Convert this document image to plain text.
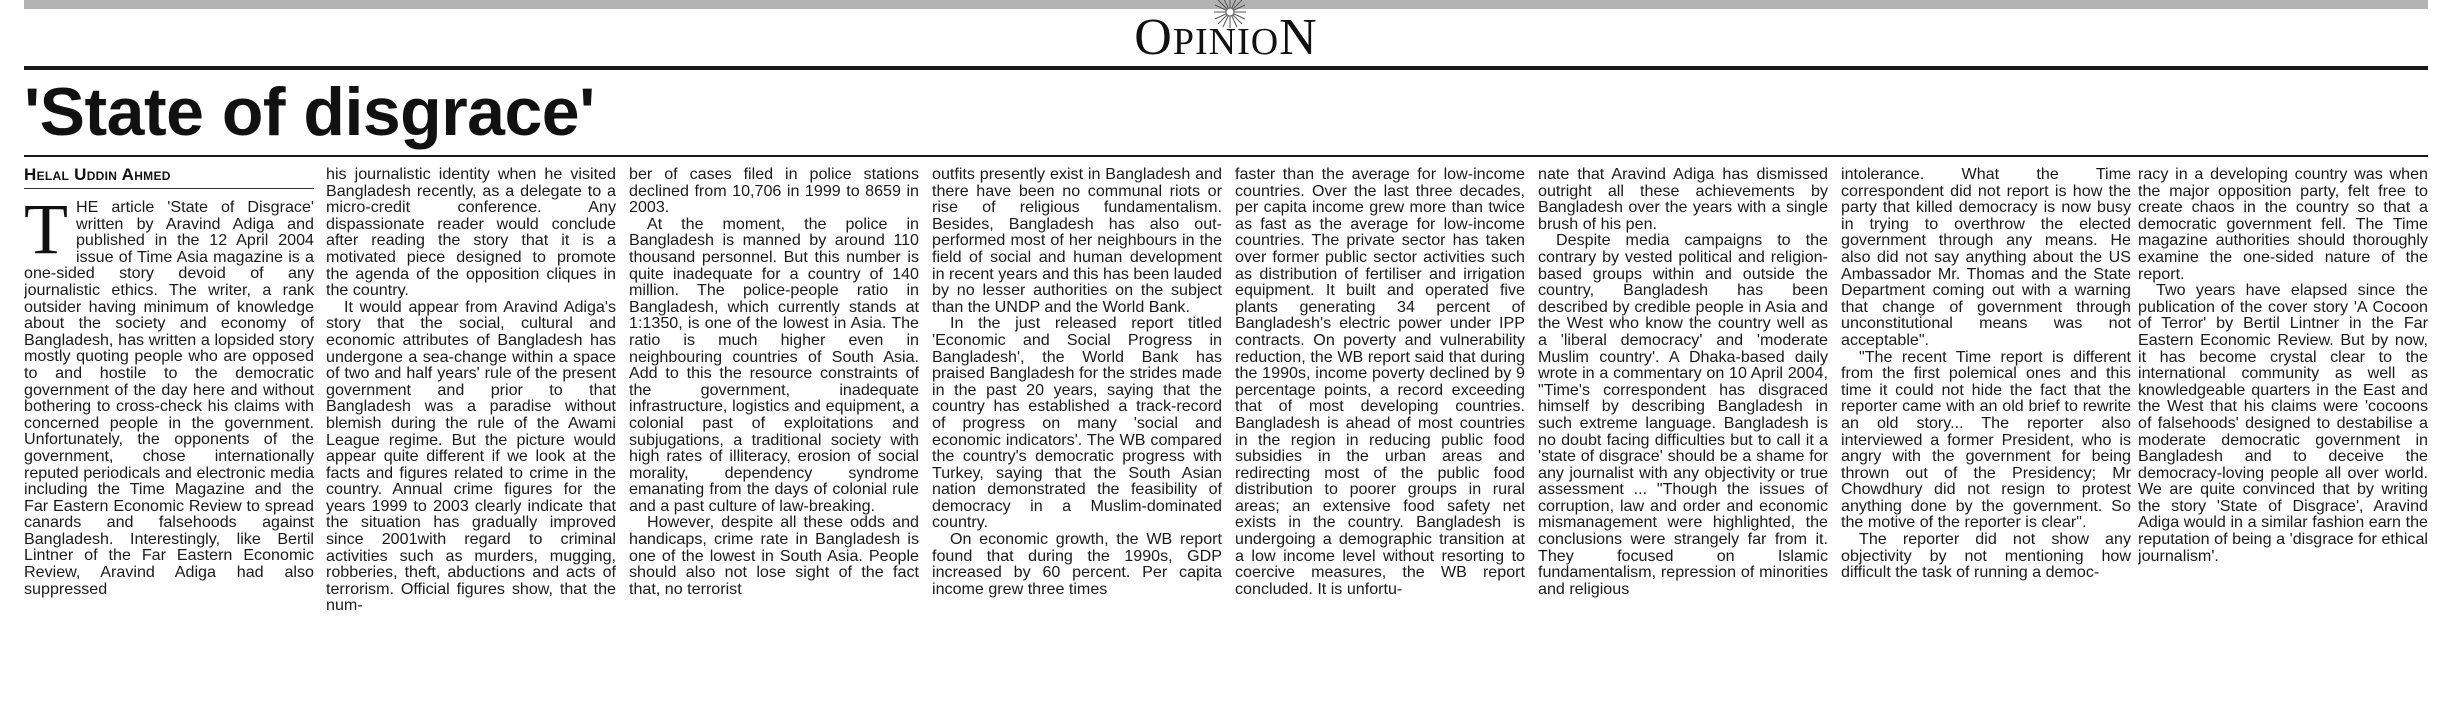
OPINION
'State of disgrace'
Helal Uddin Ahmed
T HE article 'State of Disgrace' written by Aravind Adiga and published in the 12 April 2004 issue of Time Asia magazine is a one-sided story devoid of any journalistic ethics. The writer, a rank outsider having minimum of knowledge about the society and economy of Bangladesh, has written a lopsided story mostly quoting people who are opposed to and hostile to the democratic government of the day here and without bothering to cross-check his claims with concerned people in the government. Unfortunately, the opponents of the government, chose internationally reputed periodicals and electronic media including the Time Magazine and the Far Eastern Economic Review to spread canards and falsehoods against Bangladesh. Interestingly, like Bertil Lintner of the Far Eastern Economic Review, Aravind Adiga had also suppressed

his journalistic identity when he visited Bangladesh recently, as a delegate to a micro-credit conference. Any dispassionate reader would conclude after reading the story that it is a motivated piece designed to promote the agenda of the opposition cliques in the country.

It would appear from Aravind Adiga's story that the social, cultural and economic attributes of Bangladesh has undergone a sea-change within a space of two and half years' rule of the present government and prior to that Bangladesh was a paradise without blemish during the rule of the Awami League regime. But the picture would appear quite different if we look at the facts and figures related to crime in the country. Annual crime figures for the years 1999 to 2003 clearly indicate that the situation has gradually improved since 2001with regard to criminal activities such as murders, mugging, robberies, theft, abductions and acts of terrorism. Official figures show, that the num-

ber of cases filed in police stations declined from 10,706 in 1999 to 8659 in 2003.

At the moment, the police in Bangladesh is manned by around 110 thousand personnel. But this number is quite inadequate for a country of 140 million. The police-people ratio in Bangladesh, which currently stands at 1:1350, is one of the lowest in Asia. The ratio is much higher even in neighbouring countries of South Asia. Add to this the resource constraints of the government, inadequate infrastructure, logistics and equipment, a colonial past of exploitations and subjugations, a traditional society with high rates of illiteracy, erosion of social morality, dependency syndrome emanating from the days of colonial rule and a past culture of law-breaking.

However, despite all these odds and handicaps, crime rate in Bangladesh is one of the lowest in South Asia. People should also not lose sight of the fact that, no terrorist

outfits presently exist in Bangladesh and there have been no communal riots or rise of religious fundamentalism. Besides, Bangladesh has also out-performed most of her neighbours in the field of social and human development in recent years and this has been lauded by no lesser authorities on the subject than the UNDP and the World Bank.

In the just released report titled 'Economic and Social Progress in Bangladesh', the World Bank has praised Bangladesh for the strides made in the past 20 years, saying that the country has established a track-record of progress on many 'social and economic indicators'. The WB compared the country's democratic progress with Turkey, saying that the South Asian nation demonstrated the feasibility of democracy in a Muslim-dominated country.

On economic growth, the WB report found that during the 1990s, GDP increased by 60 percent. Per capita income grew three times

faster than the average for low-income countries. Over the last three decades, per capita income grew more than twice as fast as the average for low-income countries. The private sector has taken over former public sector activities such as distribution of fertiliser and irrigation equipment. It built and operated five plants generating 34 percent of Bangladesh's electric power under IPP contracts. On poverty and vulnerability reduction, the WB report said that during the 1990s, income poverty declined by 9 percentage points, a record exceeding that of most developing countries. Bangladesh is ahead of most countries in the region in reducing public food subsidies in the urban areas and redirecting most of the public food distribution to poorer groups in rural areas; an extensive food safety net exists in the country. Bangladesh is undergoing a demographic transition at a low income level without resorting to coercive measures, the WB report concluded. It is unfortu-

nate that Aravind Adiga has dismissed outright all these achievements by Bangladesh over the years with a single brush of his pen.

Despite media campaigns to the contrary by vested political and religion-based groups within and outside the country, Bangladesh has been described by credible people in Asia and the West who know the country well as a 'liberal democracy' and 'moderate Muslim country'. A Dhaka-based daily wrote in a commentary on 10 April 2004, "Time's correspondent has disgraced himself by describing Bangladesh in such extreme language. Bangladesh is no doubt facing difficulties but to call it a 'state of disgrace' should be a shame for any journalist with any objectivity or true assessment ... "Though the issues of corruption, law and order and economic mismanagement were highlighted, the conclusions were strangely far from it. They focused on Islamic fundamentalism, repression of minorities and religious

intolerance. What the Time correspondent did not report is how the party that killed democracy is now busy in trying to overthrow the elected government through any means. He also did not say anything about the US Ambassador Mr. Thomas and the State Department coming out with a warning that change of government through unconstitutional means was not acceptable".

"The recent Time report is different from the first polemical ones and this time it could not hide the fact that the reporter came with an old brief to rewrite an old story... The reporter also interviewed a former President, who is angry with the government for being thrown out of the Presidency; Mr Chowdhury did not resign to protest anything done by the government. So the motive of the reporter is clear".

The reporter did not show any objectivity by not mentioning how difficult the task of running a democ-

racy in a developing country was when the major opposition party, felt free to create chaos in the country so that a democratic government fell. The Time magazine authorities should thoroughly examine the one-sided nature of the report.

Two years have elapsed since the publication of the cover story 'A Cocoon of Terror' by Bertil Lintner in the Far Eastern Economic Review. But by now, it has become crystal clear to the international community as well as knowledgeable quarters in the East and the West that his claims were 'cocoons of falsehoods' designed to destabilise a moderate democratic government in Bangladesh and to deceive the democracy-loving people all over world. We are quite convinced that by writing the story 'State of Disgrace', Aravind Adiga would in a similar fashion earn the reputation of being a 'disgrace for ethical journalism'.
